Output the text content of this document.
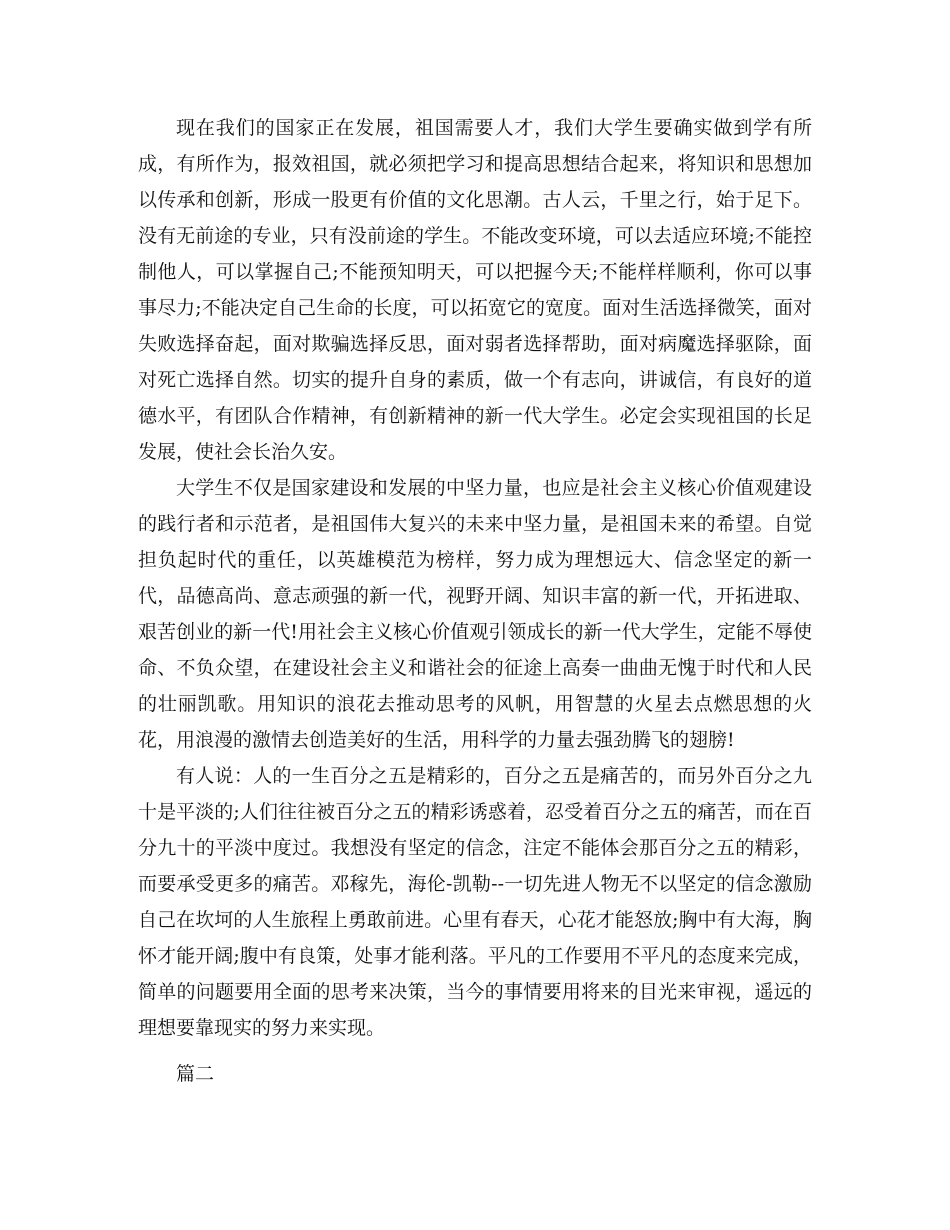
现在我们的国家正在发展，祖国需要人才，我们大学生要确实做到学有所成，有所作为，报效祖国，就必须把学习和提高思想结合起来，将知识和思想加以传承和创新，形成一股更有价值的文化思潮。古人云，千里之行，始于足下。没有无前途的专业，只有没前途的学生。不能改变环境，可以去适应环境;不能控制他人，可以掌握自己;不能预知明天，可以把握今天;不能样样顺利，你可以事事尽力;不能决定自己生命的长度，可以拓宽它的宽度。面对生活选择微笑，面对失败选择奋起，面对欺骗选择反思，面对弱者选择帮助，面对病魔选择驱除，面对死亡选择自然。切实的提升自身的素质，做一个有志向，讲诚信，有良好的道德水平，有团队合作精神，有创新精神的新一代大学生。必定会实现祖国的长足发展，使社会长治久安。

大学生不仅是国家建设和发展的中坚力量，也应是社会主义核心价值观建设的践行者和示范者，是祖国伟大复兴的未来中坚力量，是祖国未来的希望。自觉担负起时代的重任，以英雄模范为榜样，努力成为理想远大、信念坚定的新一代，品德高尚、意志顽强的新一代，视野开阔、知识丰富的新一代，开拓进取、艰苦创业的新一代!用社会主义核心价值观引领成长的新一代大学生，定能不辱使命、不负众望，在建设社会主义和谐社会的征途上高奏一曲曲无愧于时代和人民的壮丽凯歌。用知识的浪花去推动思考的风帆，用智慧的火星去点燃思想的火花，用浪漫的激情去创造美好的生活，用科学的力量去强劲腾飞的翅膀!

有人说：人的一生百分之五是精彩的，百分之五是痛苦的，而另外百分之九十是平淡的;人们往往被百分之五的精彩诱惑着，忍受着百分之五的痛苦，而在百分九十的平淡中度过。我想没有坚定的信念，注定不能体会那百分之五的精彩，而要承受更多的痛苦。邓稼先，海伦-凯勒--一切先进人物无不以坚定的信念激励自己在坎坷的人生旅程上勇敢前进。心里有春天，心花才能怒放;胸中有大海，胸怀才能开阔;腹中有良策，处事才能利落。平凡的工作要用不平凡的态度来完成，简单的问题要用全面的思考来决策，当今的事情要用将来的目光来审视，遥远的理想要靠现实的努力来实现。

篇二
